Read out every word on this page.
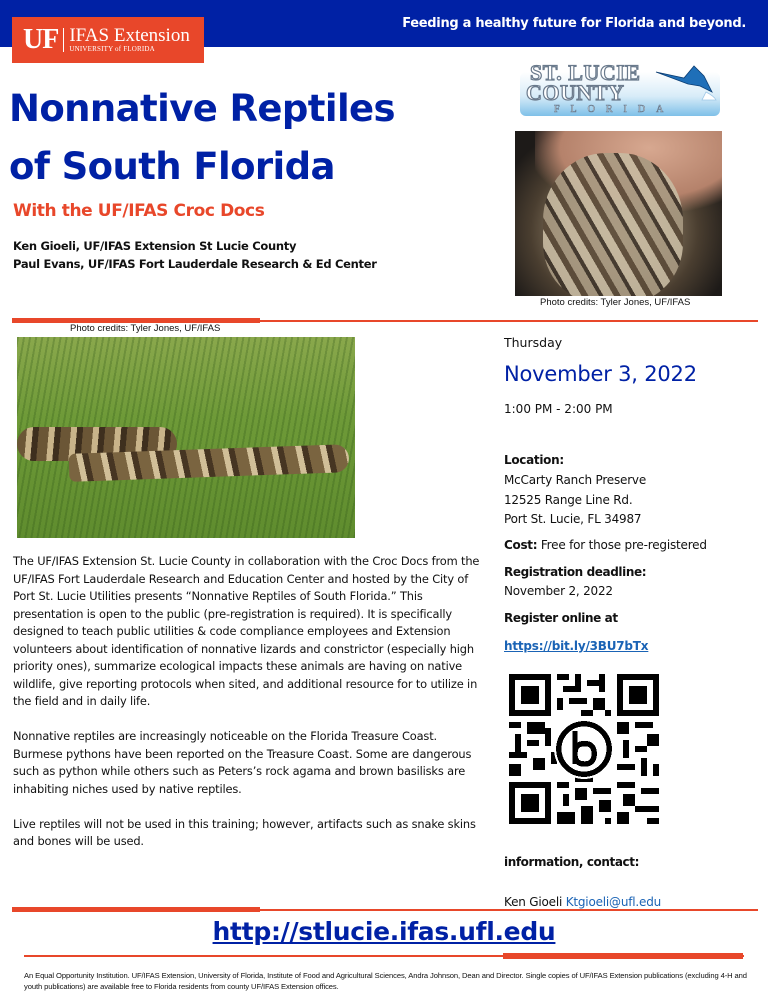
Feeding a healthy future for Florida and beyond.
UF IFAS Extension
UNIVERSITY of FLORIDA
Nonnative Reptiles
of South Florida
With the UF/IFAS Croc Docs
Ken Gioeli, UF/IFAS Extension St Lucie County
Paul Evans, UF/IFAS Fort Lauderdale Research & Ed Center
ST. LUCIE
COUNTY
FLORIDA
Photo credits: Tyler Jones, UF/IFAS
Photo credits: Tyler Jones, UF/IFAS
Thursday
November 3, 2022
1:00 PM - 2:00 PM
Location:
McCarty Ranch Preserve
12525 Range Line Rd.
Port St. Lucie, FL 34987
Cost: Free for those pre-registered
Registration deadline:
November 2, 2022
Register online at
https://bit.ly/3BU7bTx
information, contact:
Ken Gioeli Ktgioeli@ufl.edu

The UF/IFAS Extension St. Lucie County in collaboration with the Croc Docs from the UF/IFAS Fort Lauderdale Research and Education Center and hosted by the City of Port St. Lucie Utilities presents “Nonnative Reptiles of South Florida.” This presentation is open to the public (pre-registration is required). It is specifically designed to teach public utilities & code compliance employees and Extension volunteers about identification of nonnative lizards and constrictor (especially high priority ones), summarize ecological impacts these animals are having on native wildlife, give reporting protocols when sited, and additional resource for to utilize in the field and in daily life.

Nonnative reptiles are increasingly noticeable on the Florida Treasure Coast. Burmese pythons have been reported on the Treasure Coast. Some are dangerous such as python while others such as Peters’s rock agama and brown basilisks are inhabiting niches used by native reptiles.

Live reptiles will not be used in this training; however, artifacts such as snake skins and bones will be used.

http://stlucie.ifas.ufl.edu
An Equal Opportunity Institution. UF/IFAS Extension, University of Florida, Institute of Food and Agricultural Sciences, Andra Johnson, Dean and Director. Single copies of UF/IFAS Extension publications (excluding 4-H and youth publications) are available free to Florida residents from county UF/IFAS Extension offices.
